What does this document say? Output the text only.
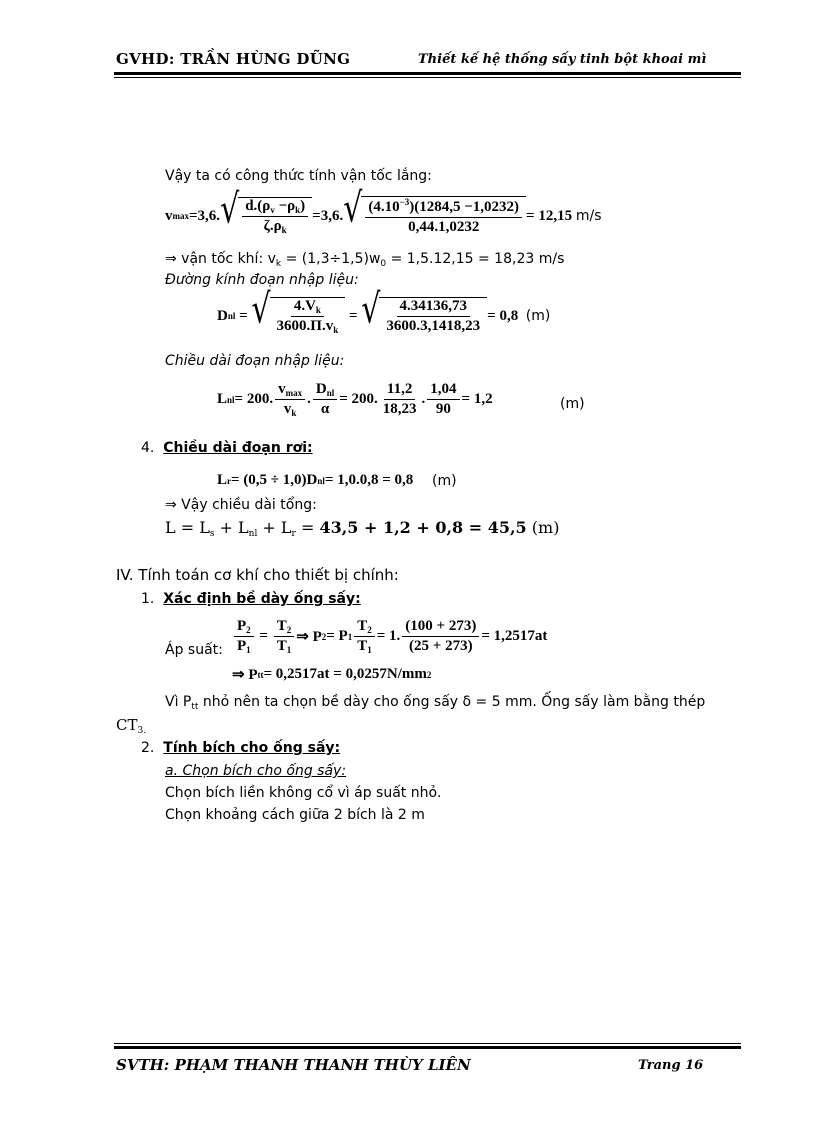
GVHD: TRẦN HÙNG DŨNG	Thiết kế hệ thống sấy tinh bột khoai mì
Vậy ta có công thức tính vận tốc lắng:
v max =3,6. √ $\frac{d.(\rho_v -\rho_k)}{\zeta.\rho_k} =3,6$. √ $\frac{(4.10^{-3})(1284,5 -1,0232)}{0,44.1,0232} = 12,15$
m/s
⇒ vận tốc khí: $v_k = (1,3\div 1,5)w_0 = 1,5.12,15 = 18,23$ m/s
Đường kính đoạn nhập liệu:
D nl = √ $\frac{4.V_k}{3600.\Pi.v_k}$ = √ $\frac{4.34136,73}{3600.3,1418,23} = 0,8$
(m)
Chiều dài đoạn nhập liệu:
L nl = 200. $\frac{v_{max}}{v_k}$ . $\frac{D_{nl}}{\alpha} = 200$. $\frac{11,2}{18,23}$ . $\frac{1,04}{90} = 1,2$	(m)
4. Chiều dài đoạn rơi:
L r = (0,5 ÷ 1,0)D nl = 1,0.0,8 = 0,8
(m)
⇒ Vậy chiều dài tổng:
$L = L_s + L_{nl} + L_r = 43,5 + 1,2 + 0,8 = 45,5$ (m)
IV. Tính toán cơ khí cho thiết bị chính:
1. Xác định bề dày ống sấy:
Áp suất: $\frac{P_2}{P_1} = \frac{T_2}{T_1}$ ⇒ P 2 = P $1 \frac{T_2}{T_1} = 1$. $\frac{(100 + 273)}{(25 + 273)} = 1,2517at$
⇒ P tt = 0,2517at = 0,0257N/mm 2
Vì $P_{tt}$ nhỏ nên ta chọn bề dày cho ống sấy δ = 5 mm. Ống sấy làm bằng thép
$CT_{3.}$
2. Tính bích cho ống sấy:
a. Chọn bích cho ống sấy:
Chọn bích liền không cổ vì áp suất nhỏ.
Chọn khoảng cách giữa 2 bích là 2 m
SVTH: PHẠM THANH THANH THÙY LIÊN	Trang 16
